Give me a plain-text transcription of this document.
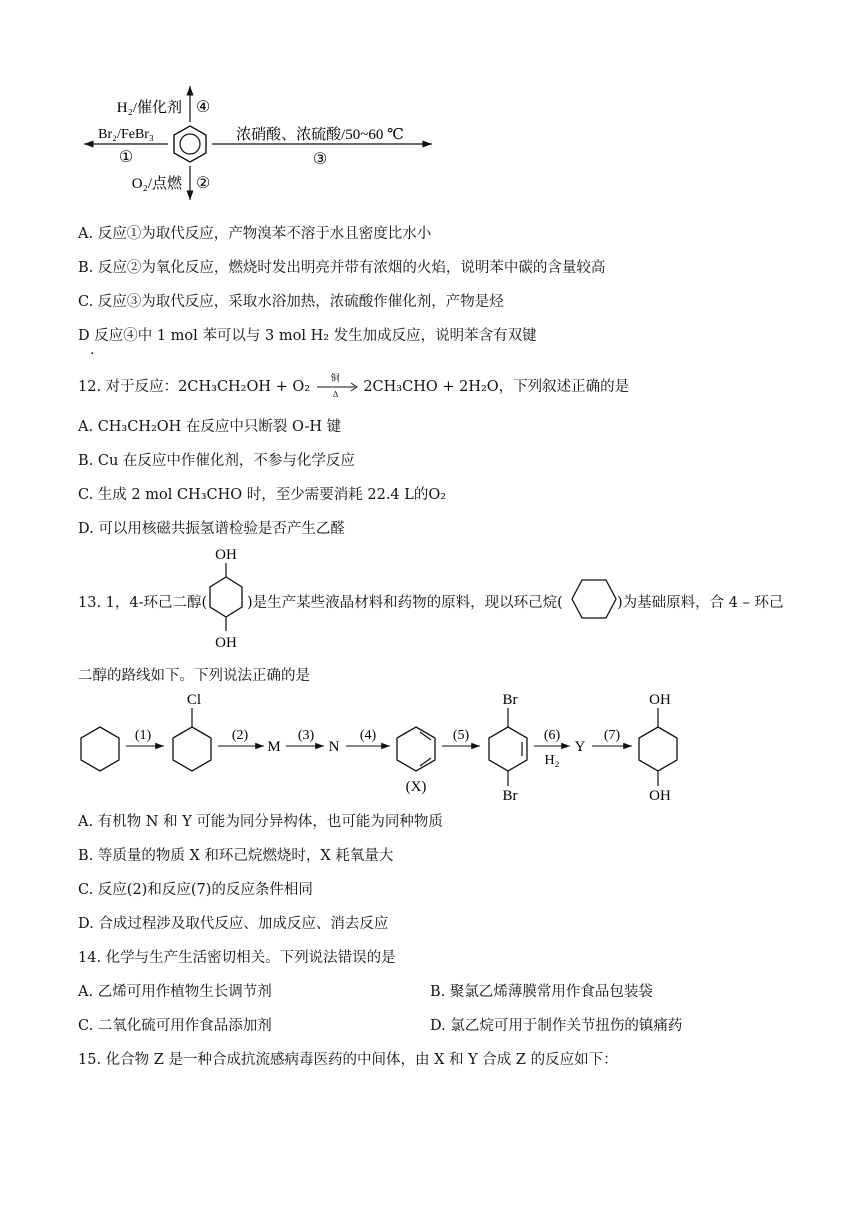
H₂/催化剂 ④
Br₂/FeBr₃
①
O₂/点燃 ②
浓硝酸、浓硫酸/50~60 ℃
③
A. 反应①为取代反应，产物溴苯不溶于水且密度比水小
B. 反应②为氧化反应，燃烧时发出明亮并带有浓烟的火焰，说明苯中碳的含量较高
C. 反应③为取代反应，采取水浴加热，浓硫酸作催化剂，产物是烃
D 反应④中 1 mol 苯可以与 3 mol H₂ 发生加成反应，说明苯含有双键
.
12. 对于反应：2CH₃CH₂OH + O₂ 铜
Δ 2CH₃CHO + 2H₂O，下列叙述正确的是
A. CH₃CH₂OH 在反应中只断裂 O-H 键
B. Cu 在反应中作催化剂，不参与化学反应
C. 生成 2 mol CH₃CHO 时，至少需要消耗 22.4 L的O₂
D. 可以用核磁共振氢谱检验是否产生乙醛
13. 1，4-环己二醇(
OH
OH
)是生产某些液晶材料和药物的原料，现以环己烷(	)为基础原料，合 4 – 环己
二醇的路线如下。下列说法正确的是
(1)
Cl
(2)
M
(3)
N
(4)
(X)
(5)
Br
Br
(6)
H₂
Y
(7)
OH
OH
A. 有机物 N 和 Y 可能为同分异构体，也可能为同种物质
B. 等质量的物质 X 和环己烷燃烧时，X 耗氧量大
C. 反应(2)和反应(7)的反应条件相同
D. 合成过程涉及取代反应、加成反应、消去反应
14. 化学与生产生活密切相关。下列说法错误的是
A. 乙烯可用作植物生长调节剂	B. 聚氯乙烯薄膜常用作食品包装袋
C. 二氧化硫可用作食品添加剂	D. 氯乙烷可用于制作关节扭伤的镇痛药
15. 化合物 Z 是一种合成抗流感病毒医药的中间体，由 X 和 Y 合成 Z 的反应如下：
